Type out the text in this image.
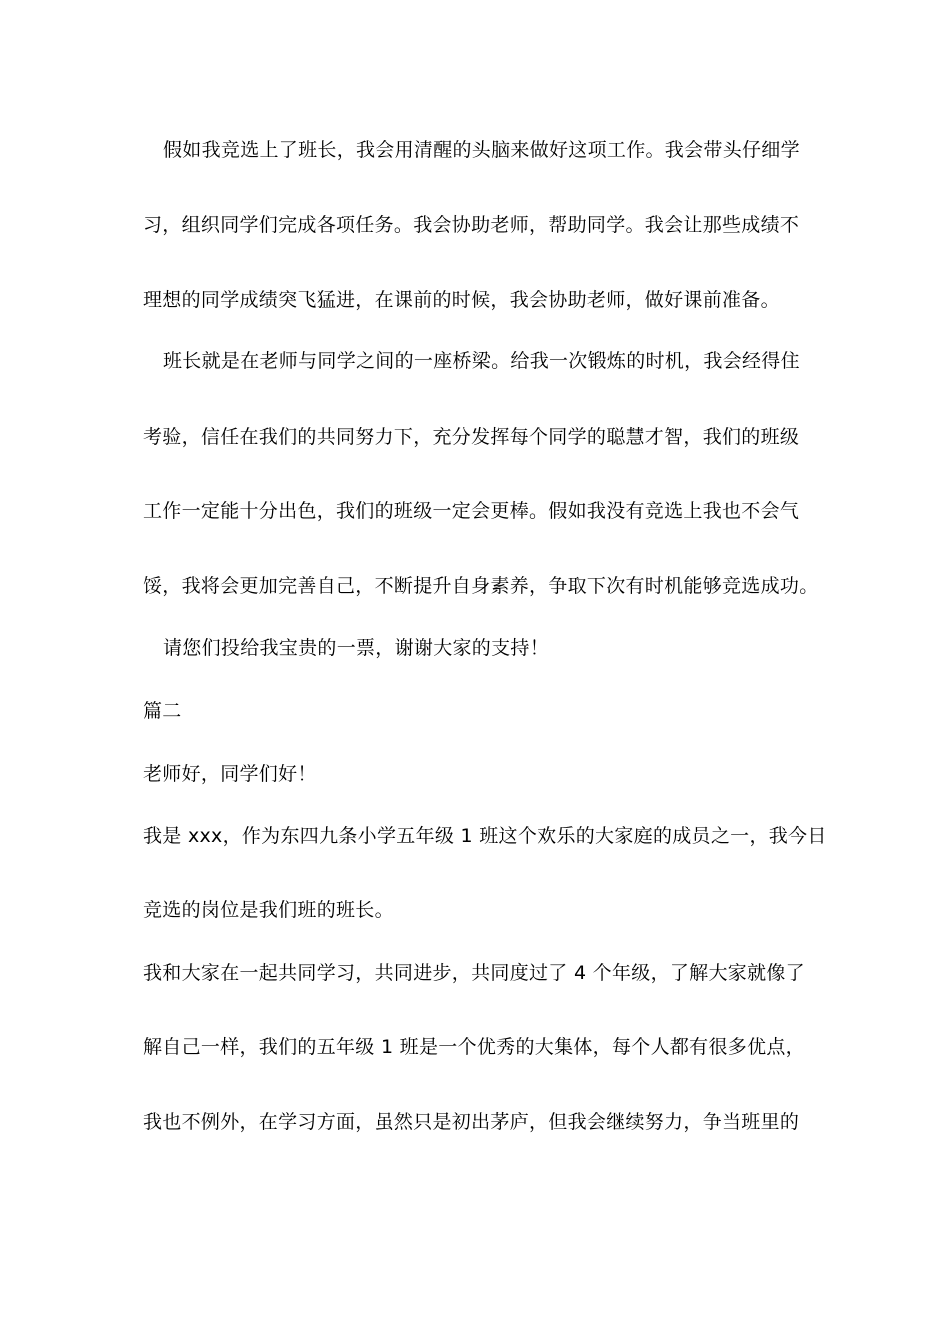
假如我竞选上了班长，我会用清醒的头脑来做好这项工作。我会带头仔细学

习，组织同学们完成各项任务。我会协助老师，帮助同学。我会让那些成绩不

理想的同学成绩突飞猛进，在课前的时候，我会协助老师，做好课前准备。

班长就是在老师与同学之间的一座桥梁。给我一次锻炼的时机，我会经得住

考验，信任在我们的共同努力下，充分发挥每个同学的聪慧才智，我们的班级

工作一定能十分出色，我们的班级一定会更棒。假如我没有竞选上我也不会气

馁，我将会更加完善自己，不断提升自身素养，争取下次有时机能够竞选成功。

请您们投给我宝贵的一票，谢谢大家的支持！

篇二

老师好，同学们好！

我是 xxx，作为东四九条小学五年级 1 班这个欢乐的大家庭的成员之一，我今日

竞选的岗位是我们班的班长。

我和大家在一起共同学习，共同进步，共同度过了 4 个年级，了解大家就像了

解自己一样，我们的五年级 1 班是一个优秀的大集体，每个人都有很多优点，

我也不例外，在学习方面，虽然只是初出茅庐，但我会继续努力，争当班里的
